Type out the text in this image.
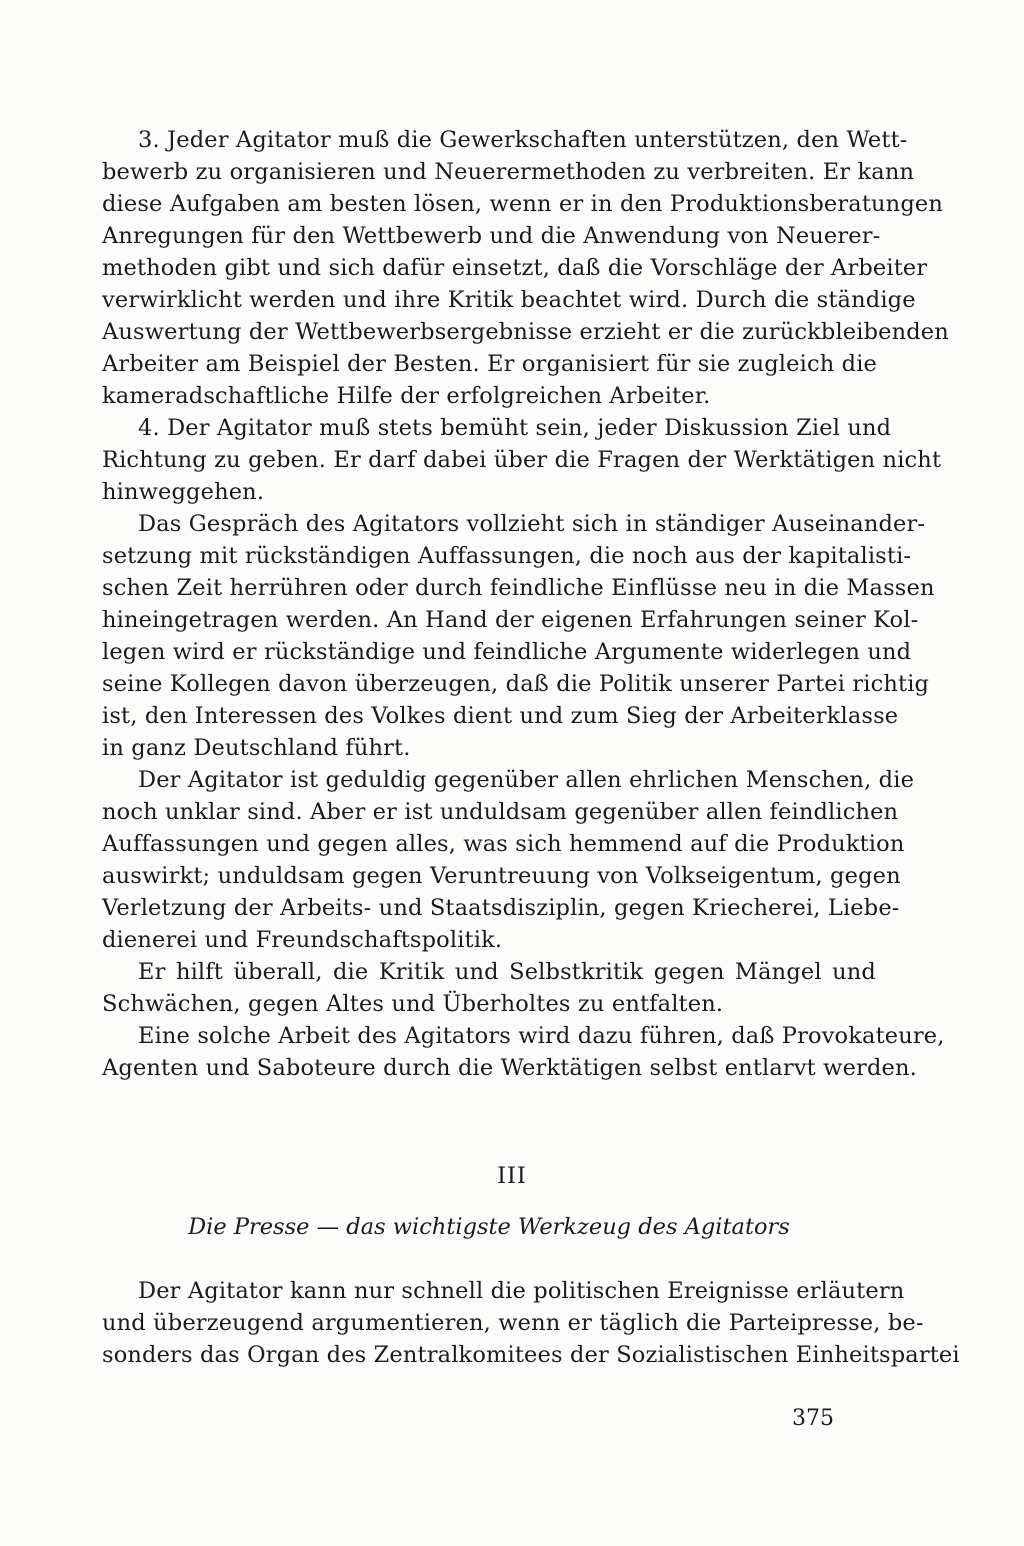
3. Jeder Agitator muß die Gewerkschaften unterstützen, den Wett-
bewerb zu organisieren und Neuerermethoden zu verbreiten. Er kann
diese Aufgaben am besten lösen, wenn er in den Produktionsberatungen
Anregungen für den Wettbewerb und die Anwendung von Neuerer-
methoden gibt und sich dafür einsetzt, daß die Vorschläge der Arbeiter
verwirklicht werden und ihre Kritik beachtet wird. Durch die ständige
Auswertung der Wettbewerbsergebnisse erzieht er die zurückbleibenden
Arbeiter am Beispiel der Besten. Er organisiert für sie zugleich die
kameradschaftliche Hilfe der erfolgreichen Arbeiter.
4. Der Agitator muß stets bemüht sein, jeder Diskussion Ziel und
Richtung zu geben. Er darf dabei über die Fragen der Werktätigen nicht
hinweggehen.
Das Gespräch des Agitators vollzieht sich in ständiger Auseinander-
setzung mit rückständigen Auffassungen, die noch aus der kapitalisti-
schen Zeit herrühren oder durch feindliche Einflüsse neu in die Massen
hineingetragen werden. An Hand der eigenen Erfahrungen seiner Kol-
legen wird er rückständige und feindliche Argumente widerlegen und
seine Kollegen davon überzeugen, daß die Politik unserer Partei richtig
ist, den Interessen des Volkes dient und zum Sieg der Arbeiterklasse
in ganz Deutschland führt.
Der Agitator ist geduldig gegenüber allen ehrlichen Menschen, die
noch unklar sind. Aber er ist unduldsam gegenüber allen feindlichen
Auffassungen und gegen alles, was sich hemmend auf die Produktion
auswirkt; unduldsam gegen Veruntreuung von Volkseigentum, gegen
Verletzung der Arbeits- und Staatsdisziplin, gegen Kriecherei, Liebe-
dienerei und Freundschaftspolitik.
Er hilft überall, die Kritik und Selbstkritik gegen Mängel und
Schwächen, gegen Altes und Überholtes zu entfalten.
Eine solche Arbeit des Agitators wird dazu führen, daß Provokateure,
Agenten und Saboteure durch die Werktätigen selbst entlarvt werden.
III
Die Presse — das wichtigste Werkzeug des Agitators
Der Agitator kann nur schnell die politischen Ereignisse erläutern
und überzeugend argumentieren, wenn er täglich die Parteipresse, be-
sonders das Organ des Zentralkomitees der Sozialistischen Einheitspartei
375
